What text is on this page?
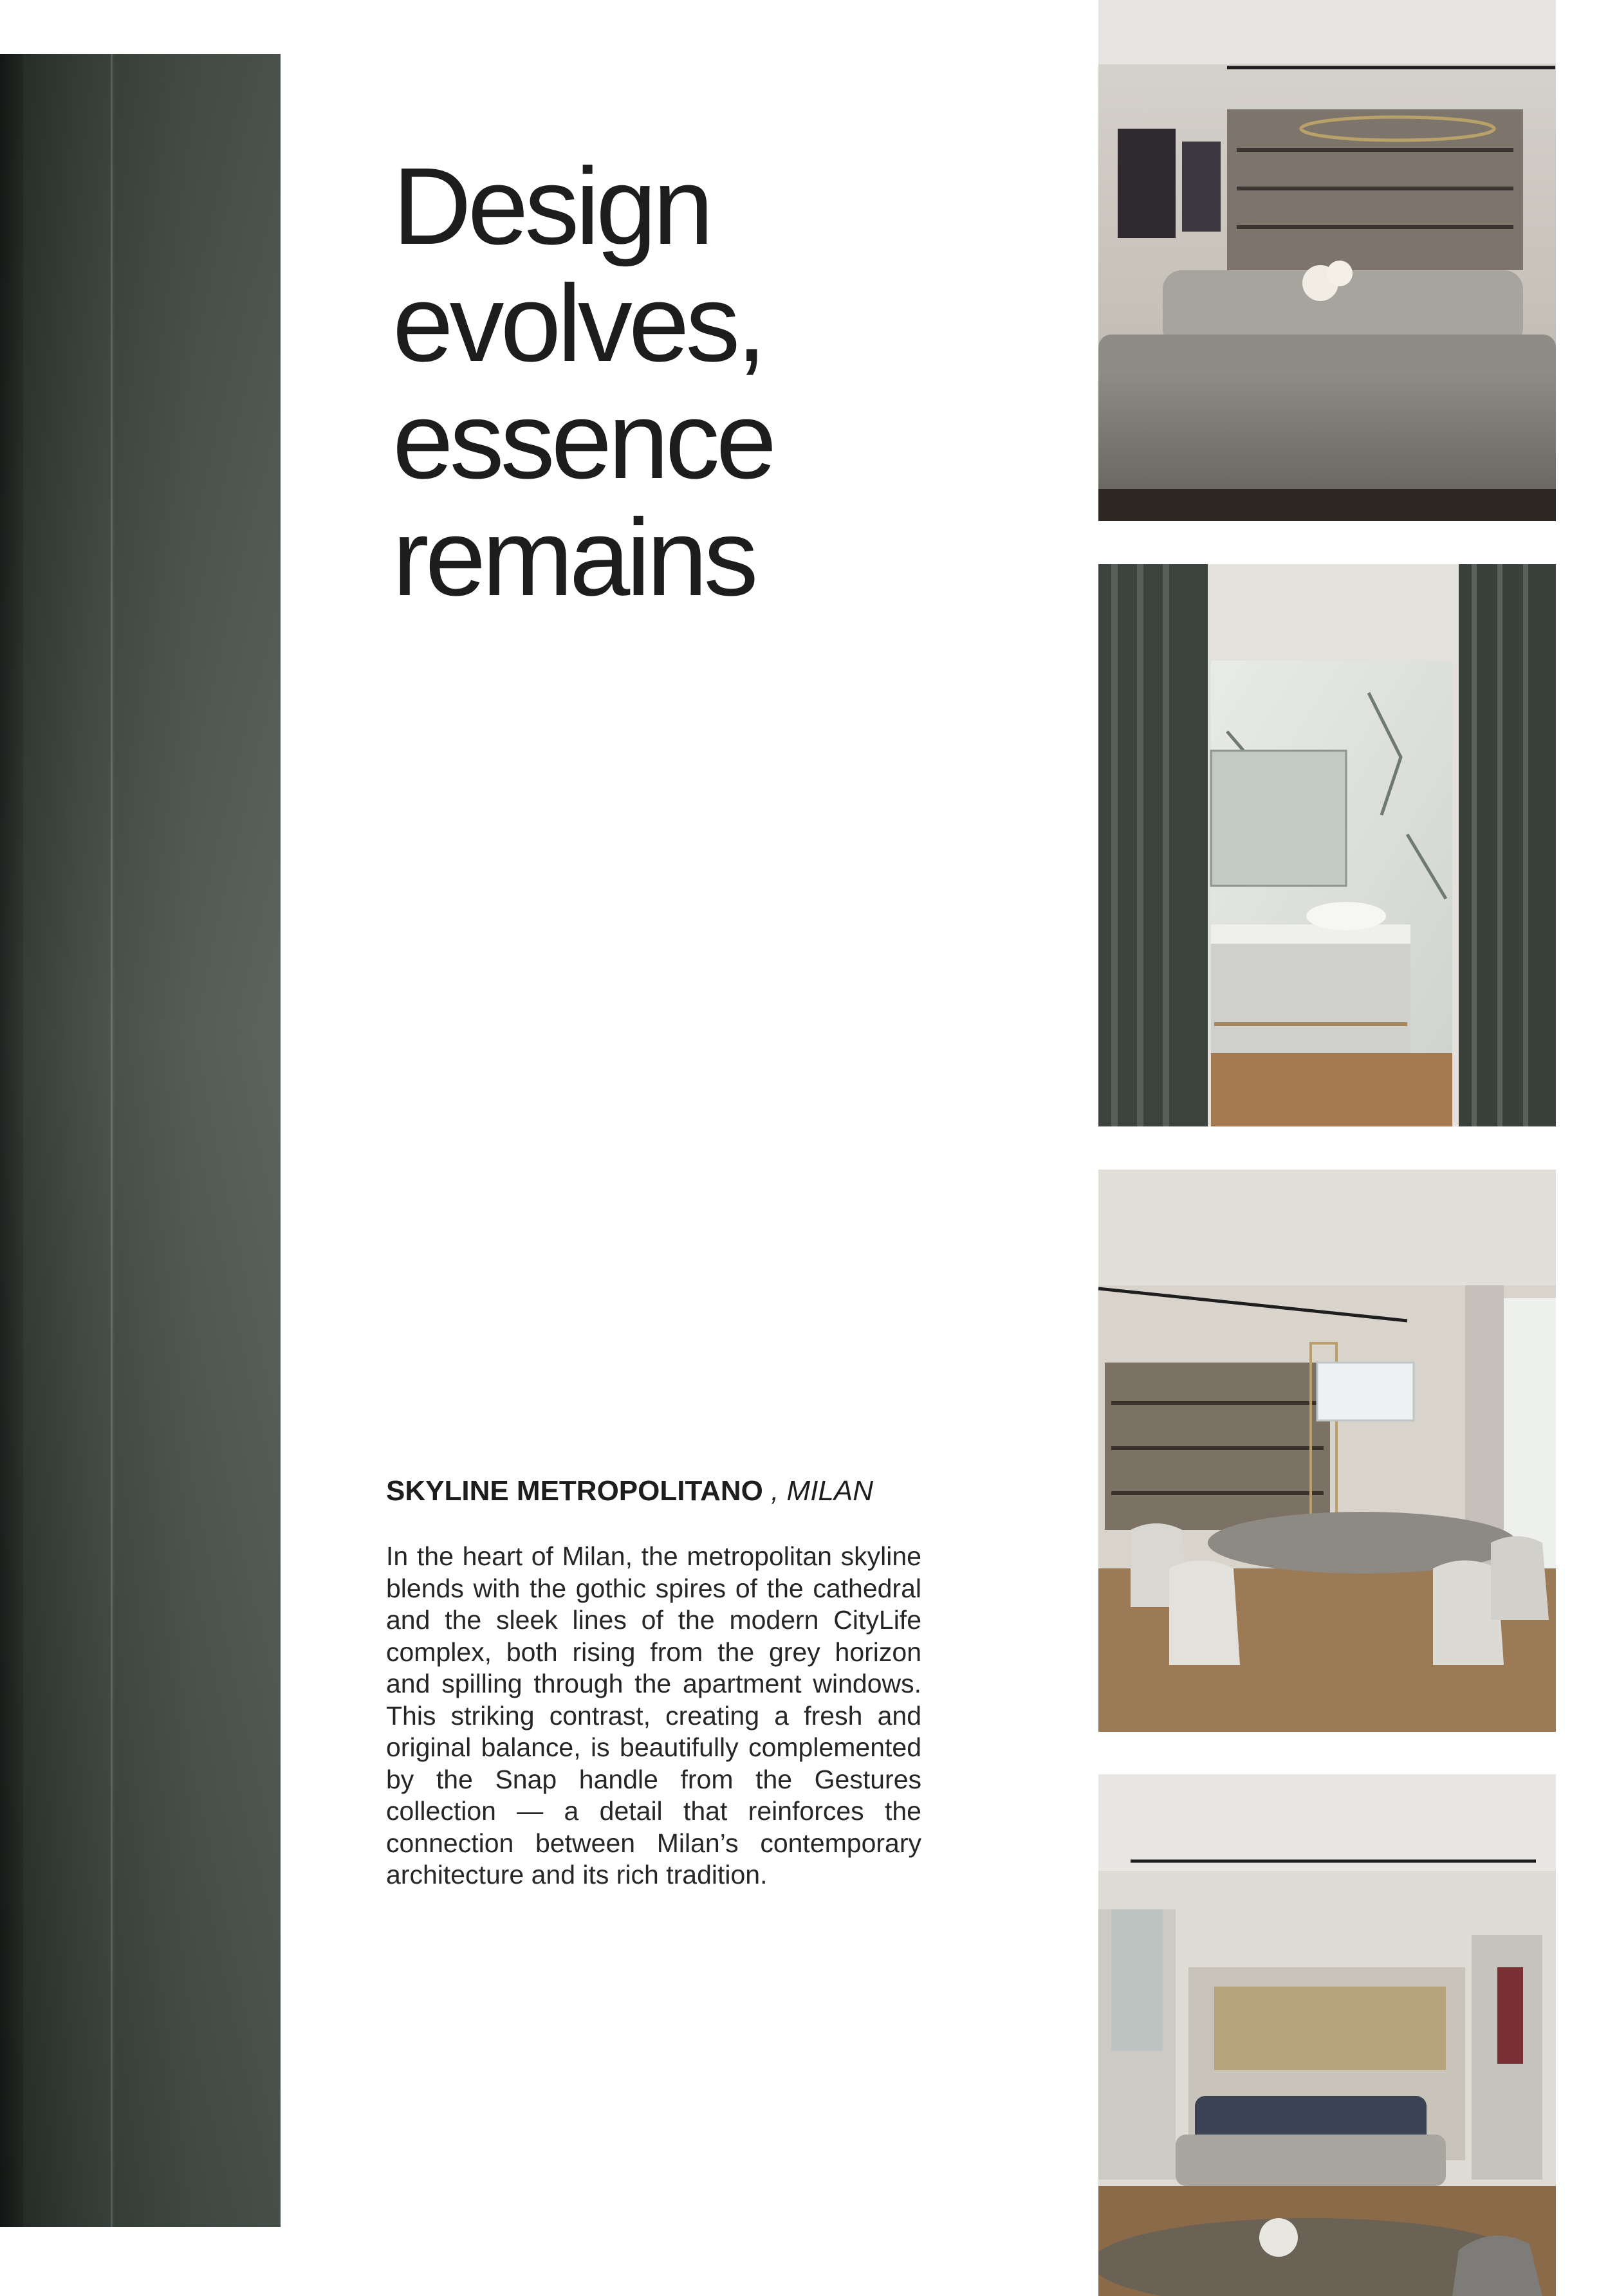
Design
evolves,
essence
remains
SKYLINE METROPOLITANO , MILAN

In the heart of Milan, the metropolitan skyline blends with the gothic spires of the cathedral and the sleek lines of the modern CityLife complex, both rising from the grey horizon and spilling through the apartment windows. This striking contrast, creating a fresh and original balance, is beautifully complemented by the Snap handle from the Gestures collection — a detail that reinforces the connection between Milan’s contemporary architecture and its rich tradition.
